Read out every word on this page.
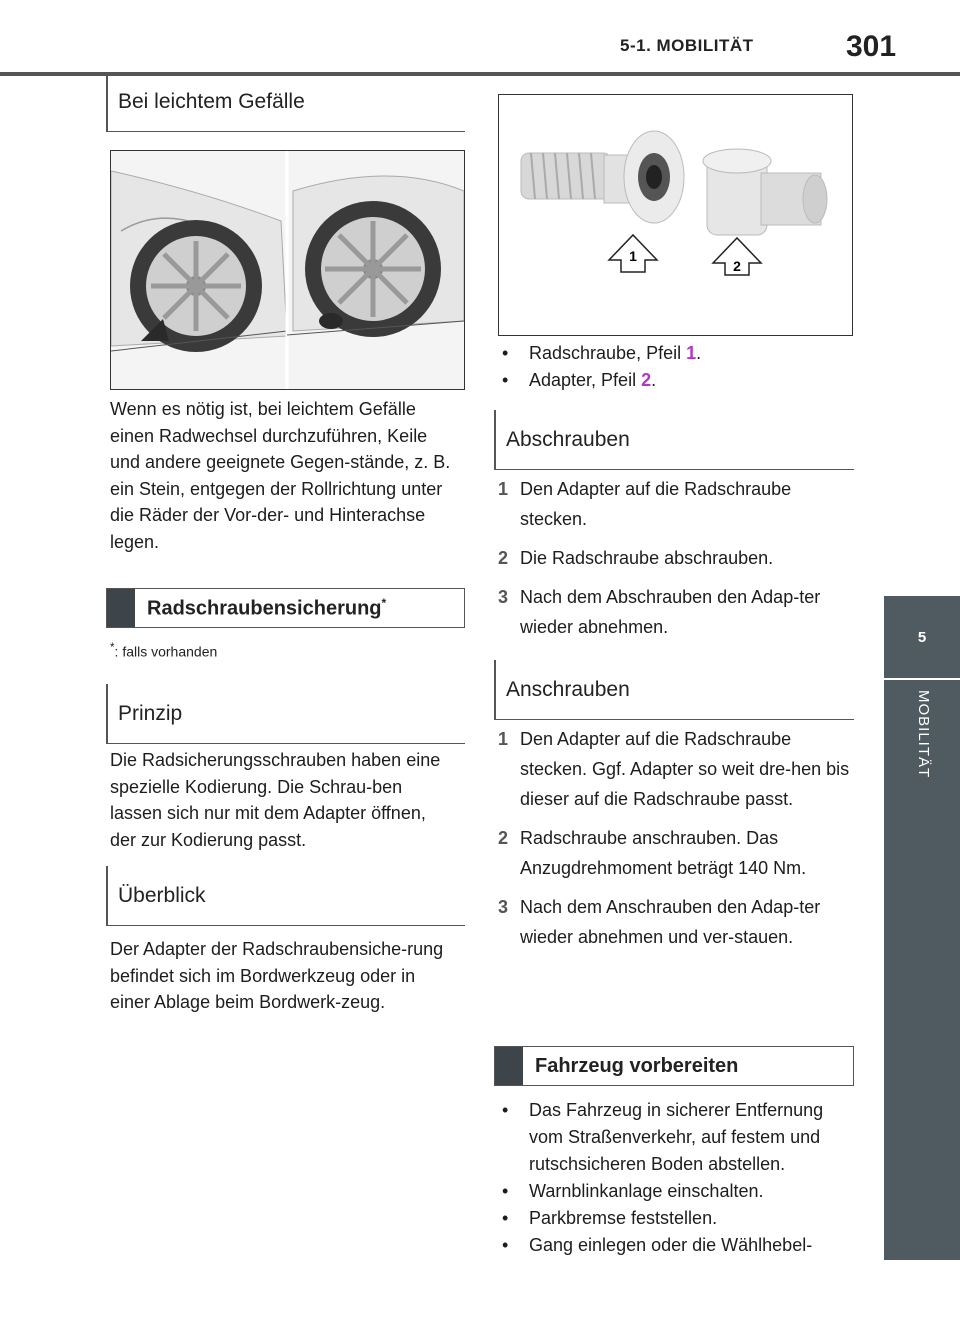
5-1. MOBILITÄT	301
5
MOBILITÄT
Bei leichtem Gefälle
Wenn es nötig ist, bei leichtem Gefälle einen Radwechsel durchzuführen, Keile und andere geeignete Gegen-stände, z. B. ein Stein, entgegen der Rollrichtung unter die Räder der Vor-der- und Hinterachse legen.
Radschraubensicherung*
*: falls vorhanden
Prinzip
Die Radsicherungsschrauben haben eine spezielle Kodierung. Die Schrau-ben lassen sich nur mit dem Adapter öffnen, der zur Kodierung passt.
Überblick
Der Adapter der Radschraubensiche-rung befindet sich im Bordwerkzeug oder in einer Ablage beim Bordwerk-zeug.
1
2
•	Radschraube, Pfeil 1.
•	Adapter, Pfeil 2.
Abschrauben
1 Den Adapter auf die Radschraube stecken.
2 Die Radschraube abschrauben.
3 Nach dem Abschrauben den Adap-ter wieder abnehmen.
Anschrauben
1 Den Adapter auf die Radschraube stecken. Ggf. Adapter so weit dre-hen bis dieser auf die Radschraube passt.
2 Radschraube anschrauben. Das Anzugdrehmoment beträgt 140 Nm.
3 Nach dem Anschrauben den Adap-ter wieder abnehmen und ver-stauen.
Fahrzeug vorbereiten
•	Das Fahrzeug in sicherer Entfernung vom Straßenverkehr, auf festem und rutschsicheren Boden abstellen.
•	Warnblinkanlage einschalten.
•	Parkbremse feststellen.
•	Gang einlegen oder die Wählhebel-
